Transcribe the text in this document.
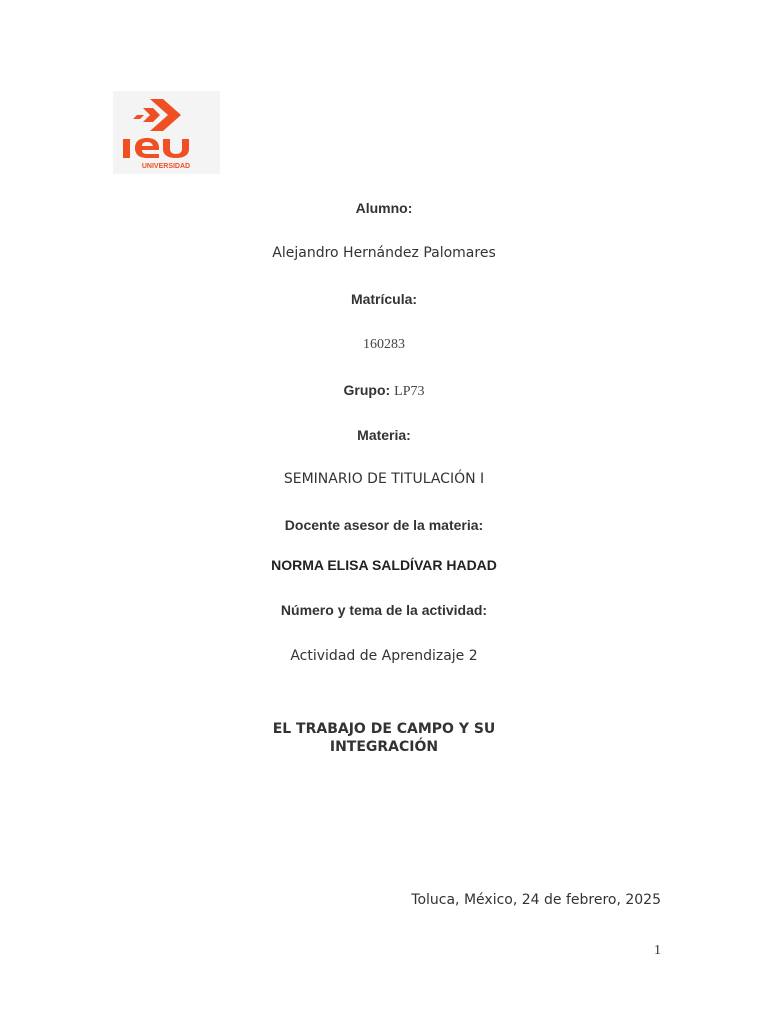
UNIVERSIDAD
Alumno:
Alejandro Hernández Palomares
Matrícula:
160283
Grupo: LP73
Materia:
SEMINARIO DE TITULACIÓN I
Docente asesor de la materia:
NORMA ELISA SALDÍVAR HADAD
Número y tema de la actividad:
Actividad de Aprendizaje 2
EL TRABAJO DE CAMPO Y SU
INTEGRACIÓN
Toluca, México, 24 de febrero, 2025
1
